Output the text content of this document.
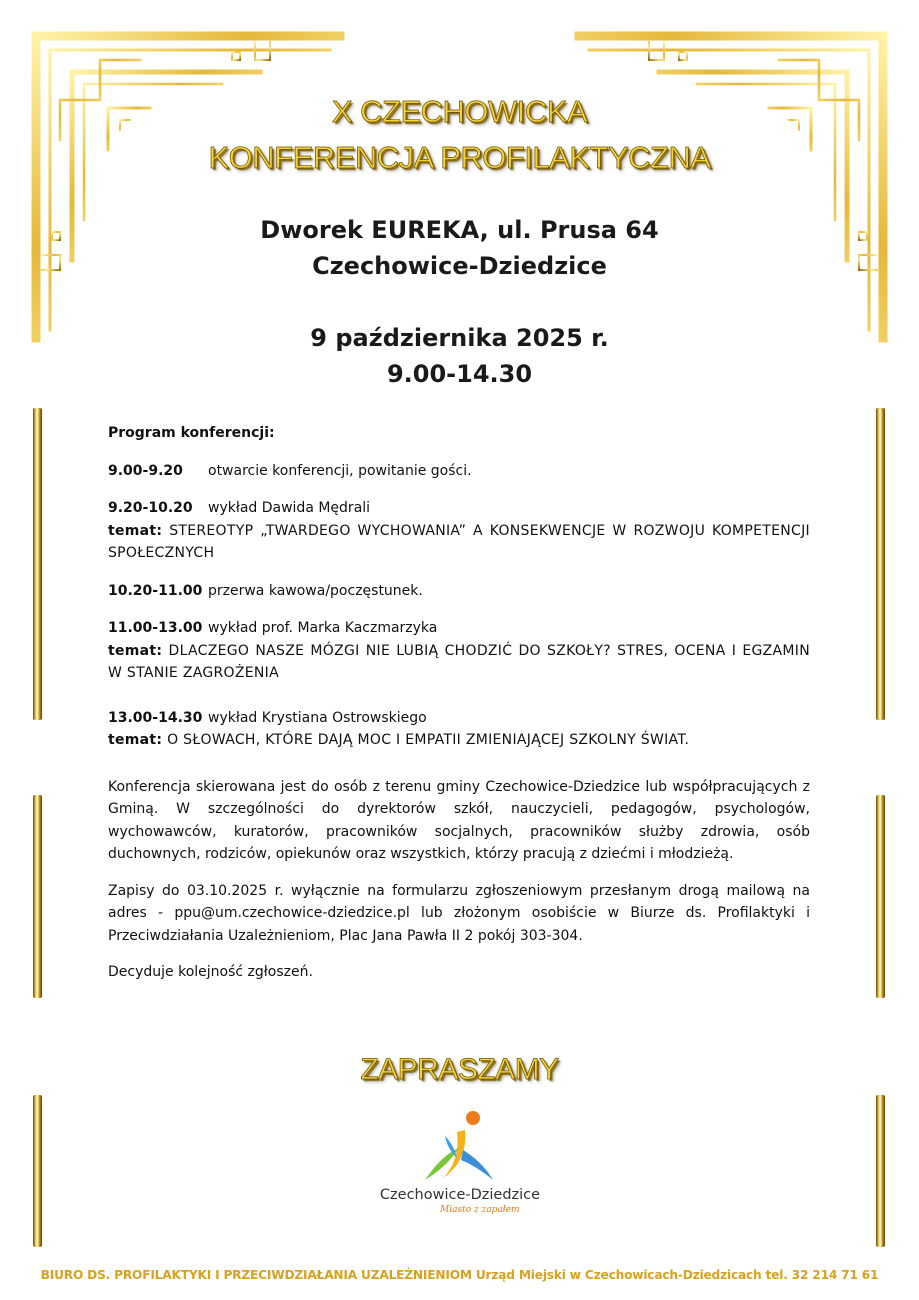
X CZECHOWICKA
KONFERENCJA PROFILAKTYCZNA
Dworek EUREKA, ul. Prusa 64
Czechowice-Dziedzice
9 października 2025 r.
9.00-14.30
Program konferencji:
9.00-9.20 otwarcie konferencji, powitanie gości.
9.20-10.20 wykład Dawida Mędrali
temat: STEREOTYP „TWARDEGO WYCHOWANIA” A KONSEKWENCJE W ROZWOJU KOMPETENCJI SPOŁECZNYCH
10.20-11.00 przerwa kawowa/poczęstunek.
11.00-13.00 wykład prof. Marka Kaczmarzyka
temat: DLACZEGO NASZE MÓZGI NIE LUBIĄ CHODZIĆ DO SZKOŁY? STRES, OCENA I EGZAMIN W STANIE ZAGROŻENIA
13.00-14.30 wykład Krystiana Ostrowskiego
temat: O SŁOWACH, KTÓRE DAJĄ MOC I EMPATII ZMIENIAJĄCEJ SZKOLNY ŚWIAT.
Konferencja skierowana jest do osób z terenu gminy Czechowice-Dziedzice lub współpracujących z Gminą. W szczególności do dyrektorów szkół, nauczycieli, pedagogów, psychologów, wychowawców, kuratorów, pracowników socjalnych, pracowników służby zdrowia, osób duchownych, rodziców, opiekunów oraz wszystkich, którzy pracują z dziećmi i młodzieżą.
Zapisy do 03.10.2025 r. wyłącznie na formularzu zgłoszeniowym przesłanym drogą mailową na adres - ppu@um.czechowice-dziedzice.pl lub złożonym osobiście w Biurze ds. Profilaktyki i Przeciwdziałania Uzależnieniom, Plac Jana Pawła II 2 pokój 303-304.
Decyduje kolejność zgłoszeń.
ZAPRASZAMY
Czechowice-Dziedzice
Miasto z zapałem
BIURO DS. PROFILAKTYKI I PRZECIWDZIAŁANIA UZALEŻNIENIOM Urząd Miejski w Czechowicach-Dziedzicach tel. 32 214 71 61
